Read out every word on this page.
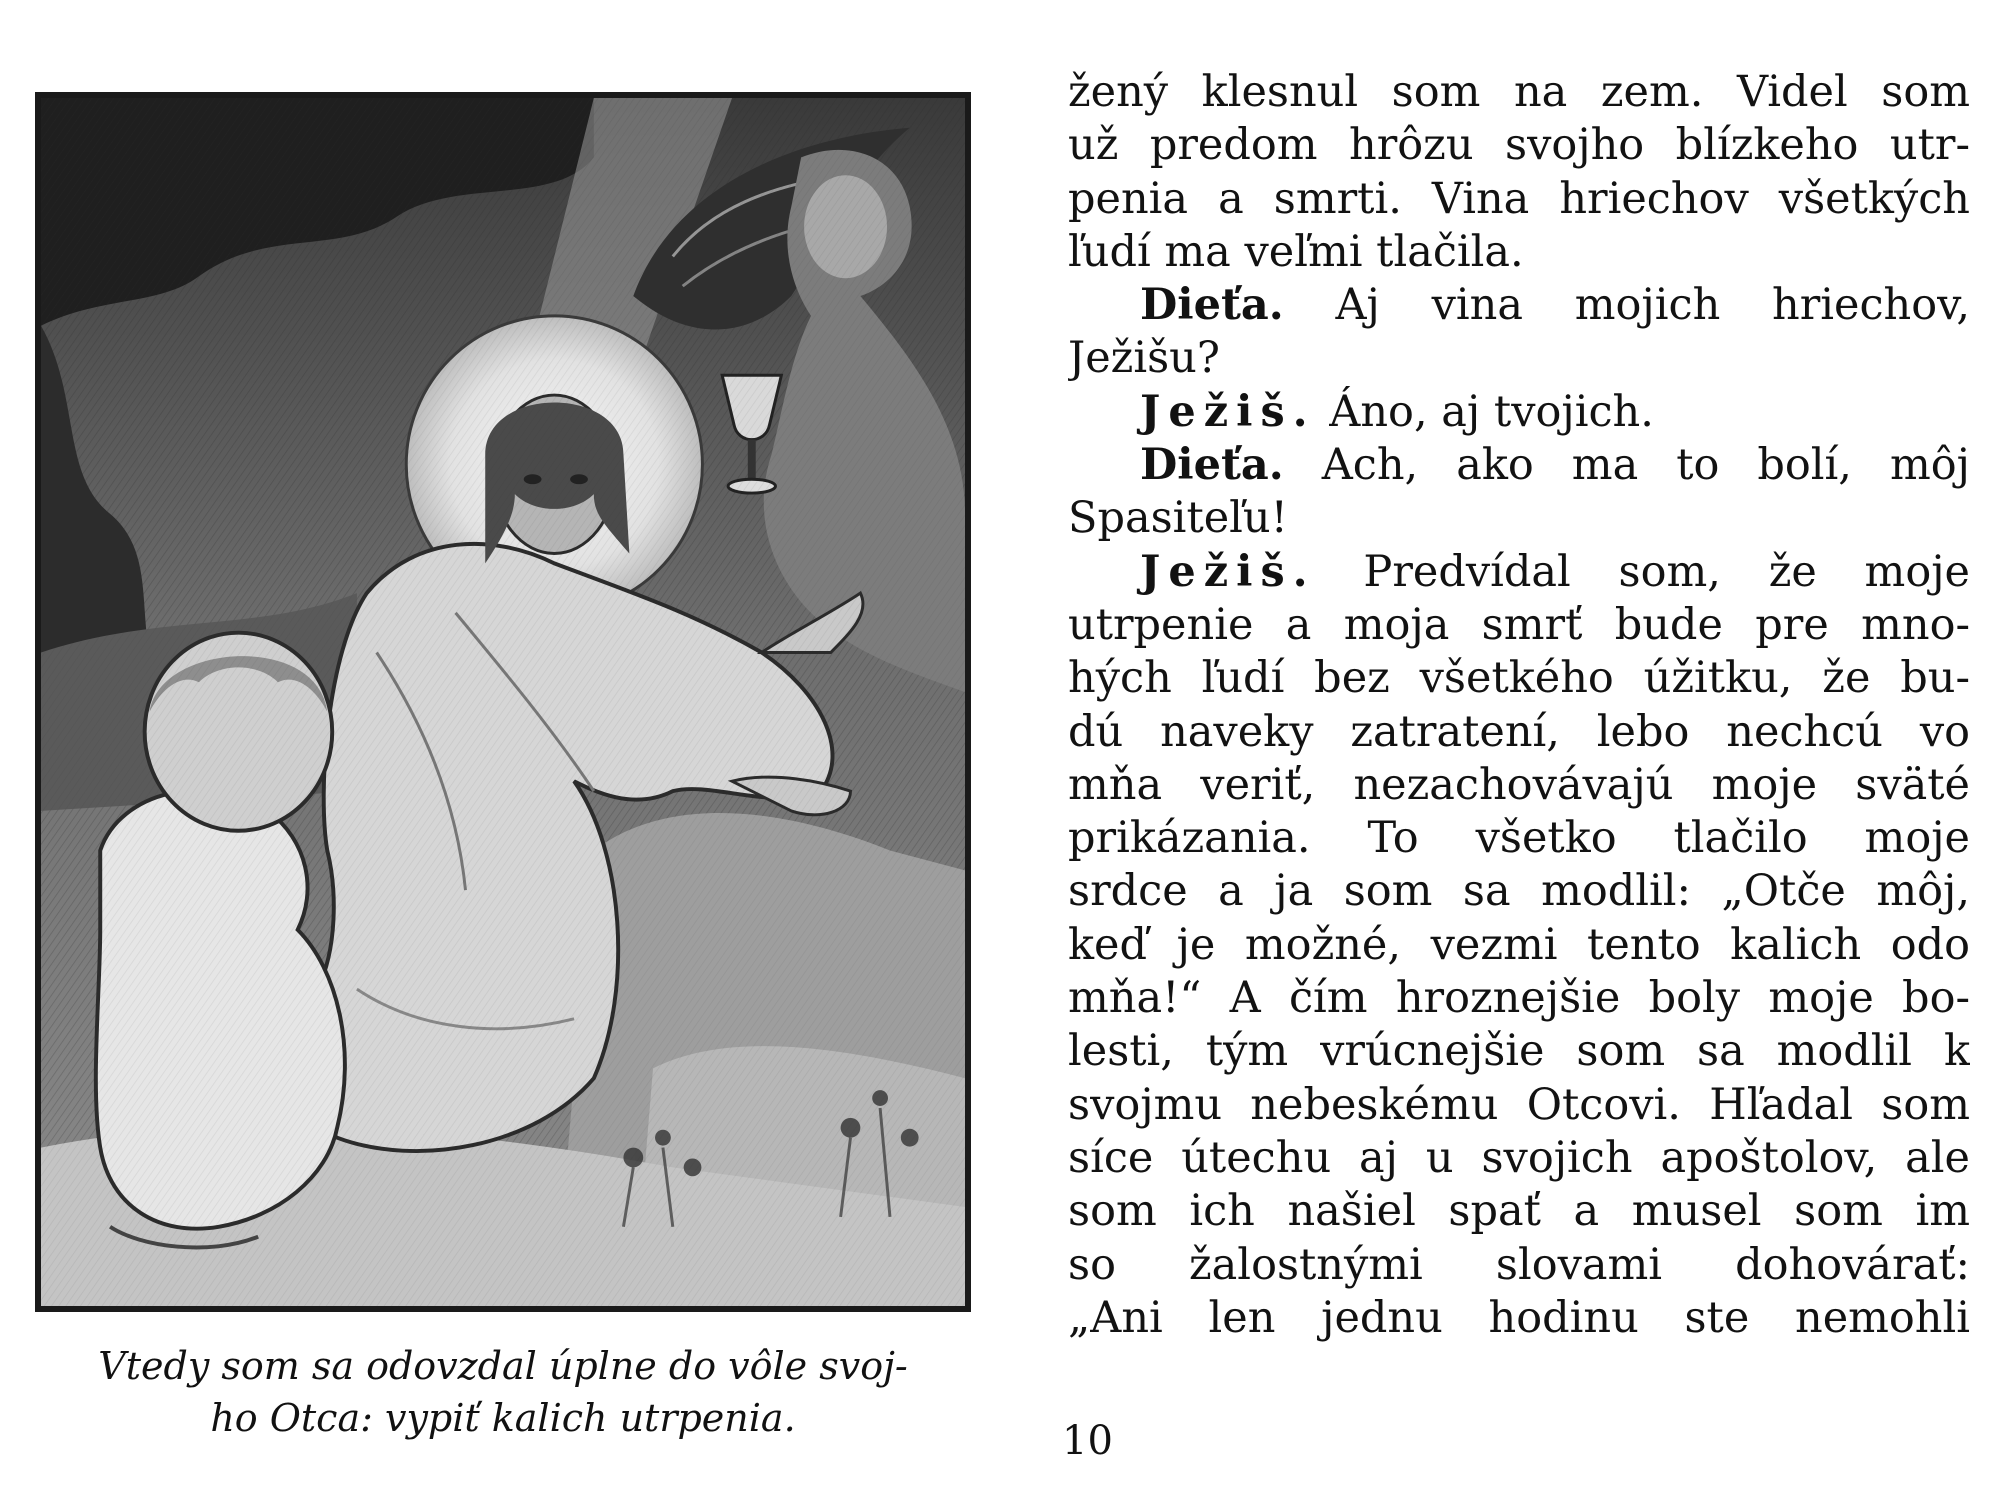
Vtedy som sa odovzdal úplne do vôle svoj-
ho Otca: vypiť kalich utrpenia.
žený klesnul som na zem. Videl som
už predom hrôzu svojho blízkeho utr-
penia a smrti. Vina hriechov všetkých
ľudí ma veľmi tlačila.
Dieťa. Aj vina mojich hriechov,
Ježišu?
Ježiš. Áno, aj tvojich.
Dieťa. Ach, ako ma to bolí, môj
Spasiteľu!
Ježiš. Predvídal som, že moje
utrpenie a moja smrť bude pre mno-
hých ľudí bez všetkého úžitku, že bu-
dú naveky zatratení, lebo nechcú vo
mňa veriť, nezachovávajú moje sväté
prikázania. To všetko tlačilo moje
srdce a ja som sa modlil: „Otče môj,
keď je možné, vezmi tento kalich odo
mňa!“ A čím hroznejšie boly moje bo-
lesti, tým vrúcnejšie som sa modlil k
svojmu nebeskému Otcovi. Hľadal som
síce útechu aj u svojich apoštolov, ale
som ich našiel spať a musel som im
so žalostnými slovami dohovárať:
„Ani len jednu hodinu ste nemohli
10
